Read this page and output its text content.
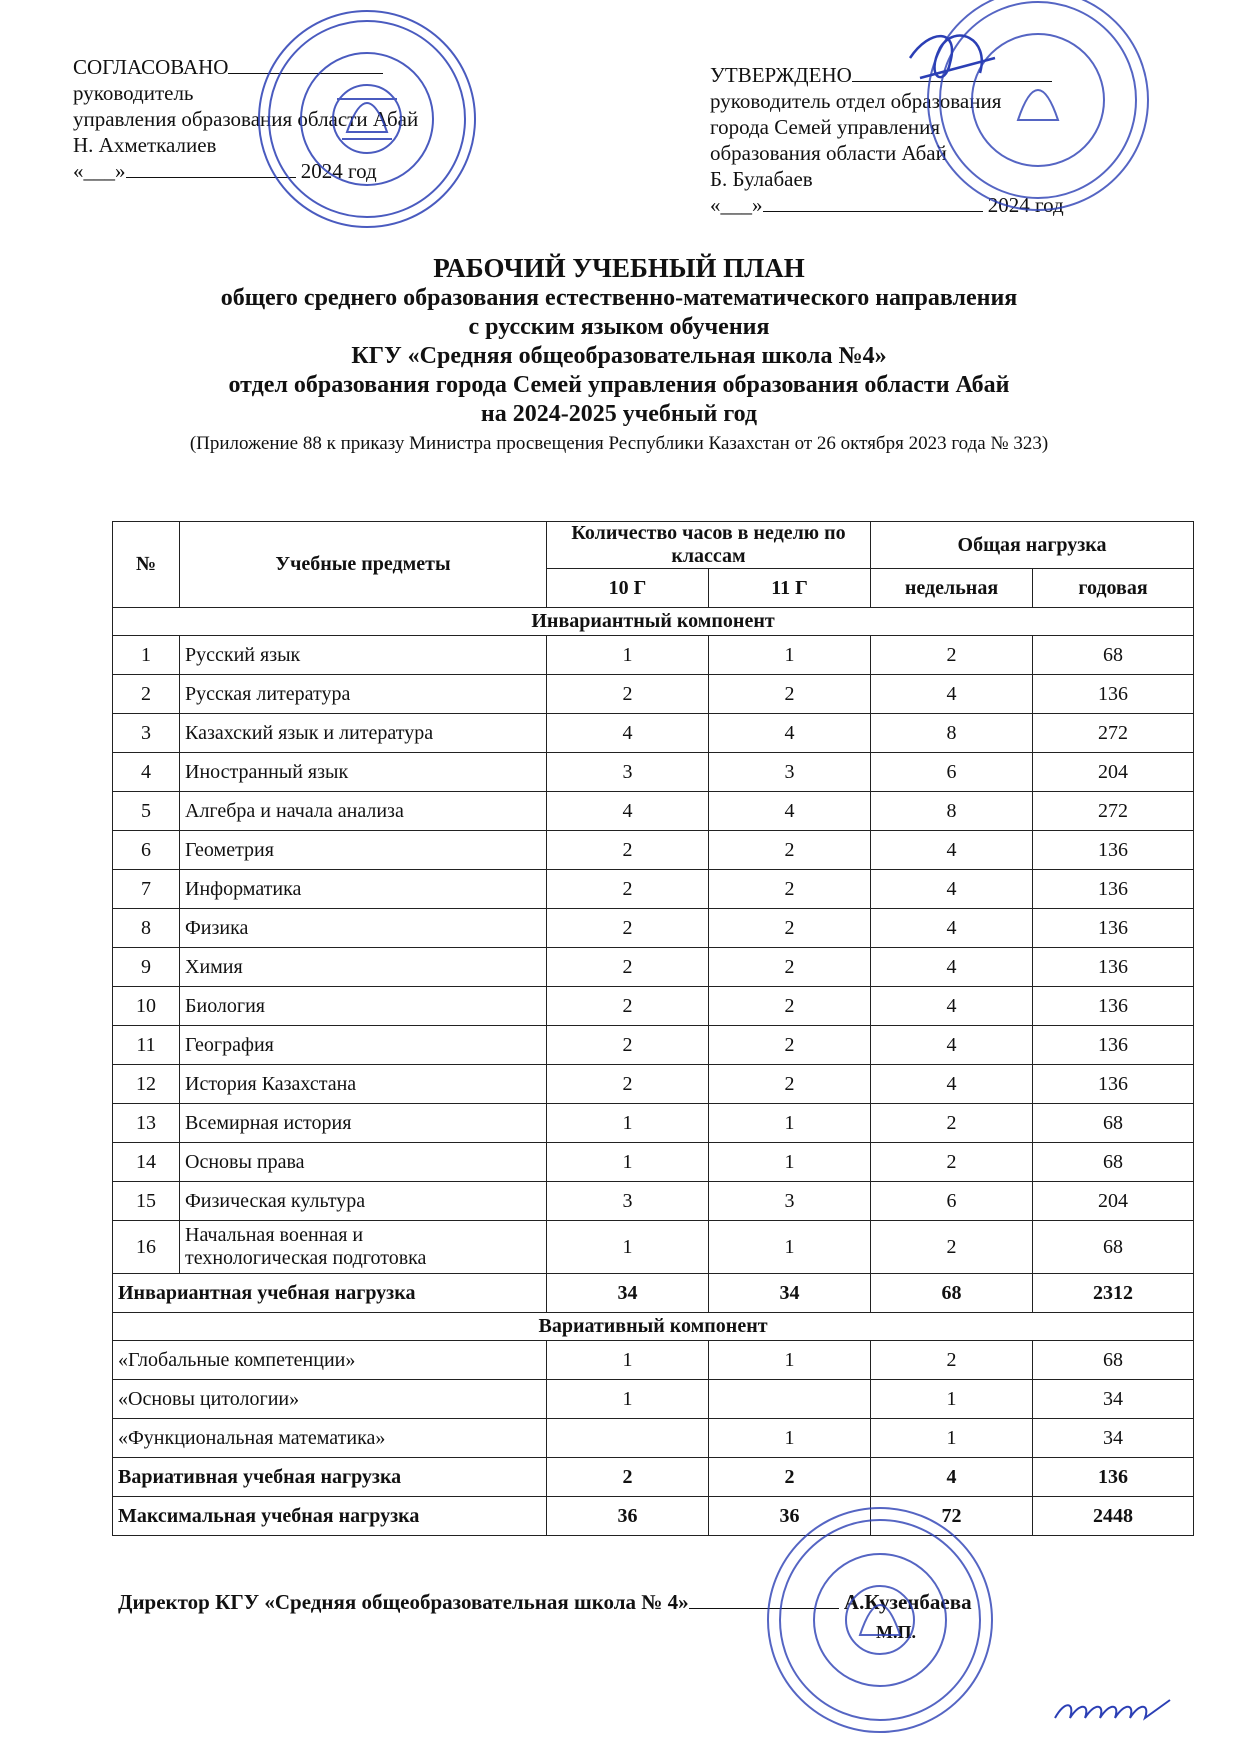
СОГЛАСОВАНО
руководитель
управления образования области Абай
Н. Ахметкалиев
«___»	2024 год
УТВЕРЖДЕНО
руководитель отдел образования
города Семей управления
образования области Абай
Б. Булабаев
«___»	2024 год
РАБОЧИЙ УЧЕБНЫЙ ПЛАН
общего среднего образования естественно-математического направления
с русским языком обучения
КГУ «Средняя общеобразовательная школа №4»
отдел образования города Семей управления образования области Абай
на 2024-2025 учебный год
(Приложение 88 к приказу Министра просвещения Республики Казахстан от 26 октября 2023 года № 323)
№	Учебные предметы	Количество часов в неделю по классам		Общая нагрузка	
		10 Г	11 Г	недельная	годовая
Инвариантный компонент					
1	Русский язык	1	1	2	68
2	Русская литература	2	2	4	136
3	Казахский язык и литература	4	4	8	272
4	Иностранный язык	3	3	6	204
5	Алгебра и начала анализа	4	4	8	272
6	Геометрия	2	2	4	136
7	Информатика	2	2	4	136
8	Физика	2	2	4	136
9	Химия	2	2	4	136
10	Биология	2	2	4	136
11	География	2	2	4	136
12	История Казахстана	2	2	4	136
13	Всемирная история	1	1	2	68
14	Основы права	1	1	2	68
15	Физическая культура	3	3	6	204
16	Начальная военная и
технологическая подготовка	1	1	2	68
Инвариантная учебная нагрузка		34	34	68	2312
Вариативный компонент					
«Глобальные компетенции»		1	1	2	68
«Основы цитологии»		1		1	34
«Функциональная математика»			1	1	34
Вариативная учебная нагрузка		2	2	4	136
Максимальная учебная нагрузка		36	36	72	2448
Директор КГУ «Средняя общеобразовательная школа № 4»	А.Кузенбаева
М.П.
